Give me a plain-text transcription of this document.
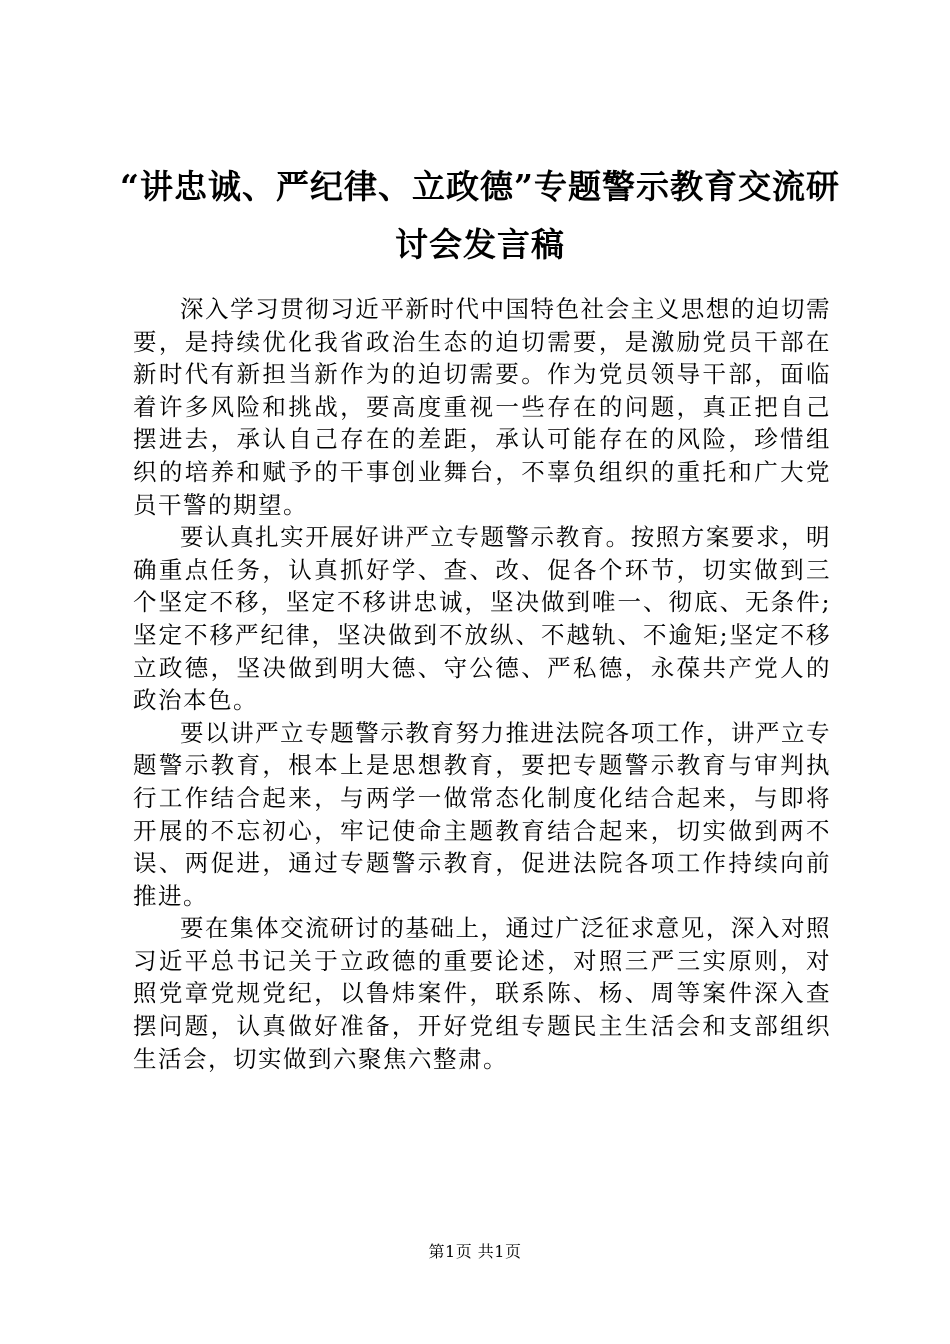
“讲忠诚、严纪律、立政德”专题警示教育交流研讨会发言稿

深入学习贯彻习近平新时代中国特色社会主义思想的迫切需要，是持续优化我省政治生态的迫切需要，是激励党员干部在新时代有新担当新作为的迫切需要。作为党员领导干部，面临着许多风险和挑战，要高度重视一些存在的问题，真正把自己摆进去，承认自己存在的差距，承认可能存在的风险，珍惜组织的培养和赋予的干事创业舞台，不辜负组织的重托和广大党员干警的期望。

要认真扎实开展好讲严立专题警示教育。按照方案要求，明确重点任务，认真抓好学、查、改、促各个环节，切实做到三个坚定不移，坚定不移讲忠诚，坚决做到唯一、彻底、无条件;坚定不移严纪律，坚决做到不放纵、不越轨、不逾矩;坚定不移立政德，坚决做到明大德、守公德、严私德，永葆共产党人的政治本色。

要以讲严立专题警示教育努力推进法院各项工作，讲严立专题警示教育，根本上是思想教育，要把专题警示教育与审判执行工作结合起来，与两学一做常态化制度化结合起来，与即将开展的不忘初心，牢记使命主题教育结合起来，切实做到两不误、两促进，通过专题警示教育，促进法院各项工作持续向前推进。

要在集体交流研讨的基础上，通过广泛征求意见，深入对照习近平总书记关于立政德的重要论述，对照三严三实原则，对照党章党规党纪，以鲁炜案件，联系陈、杨、周等案件深入查摆问题，认真做好准备，开好党组专题民主生活会和支部组织生活会，切实做到六聚焦六整肃。

第1页 共1页
